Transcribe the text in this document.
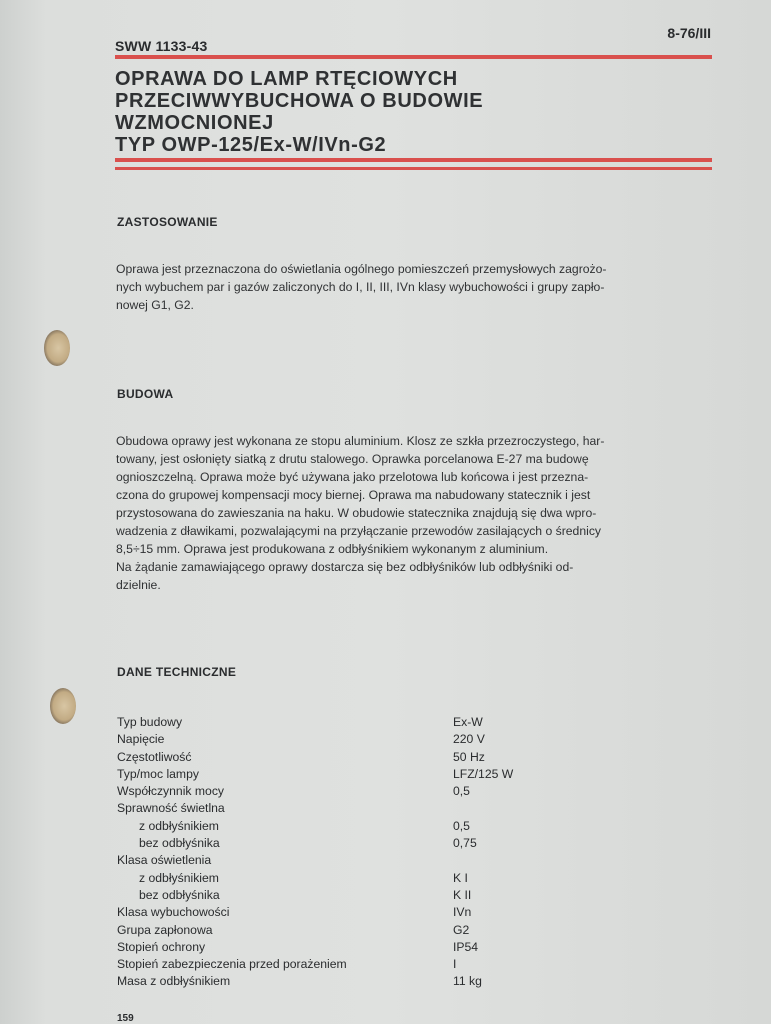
SWW 1133-43
8-76/III
OPRAWA DO LAMP RTĘCIOWYCH
PRZECIWWYBUCHOWA O BUDOWIE
WZMOCNIONEJ
TYP OWP-125/Ex-W/IVn-G2
ZASTOSOWANIE
Oprawa jest przeznaczona do oświetlania ogólnego pomieszczeń przemysłowych zagrożo-
nych wybuchem par i gazów zaliczonych do I, II, III, IVn klasy wybuchowości i grupy zapło-
nowej G1, G2.
BUDOWA
Obudowa oprawy jest wykonana ze stopu aluminium. Klosz ze szkła przezroczystego, har-
towany, jest osłonięty siatką z drutu stalowego. Oprawka porcelanowa E-27 ma budowę
ognioszczelną. Oprawa może być używana jako przelotowa lub końcowa i jest przezna-
czona do grupowej kompensacji mocy biernej. Oprawa ma nabudowany statecznik i jest
przystosowana do zawieszania na haku. W obudowie statecznika znajdują się dwa wpro-
wadzenia z dławikami, pozwalającymi na przyłączanie przewodów zasilających o średnicy
8,5÷15 mm. Oprawa jest produkowana z odbłyśnikiem wykonanym z aluminium.
Na żądanie zamawiającego oprawy dostarcza się bez odbłyśników lub odbłyśniki od-
dzielnie.
DANE TECHNICZNE
Typ budowy	Ex-W
Napięcie	220 V
Częstotliwość	50 Hz
Typ/moc lampy	LFZ/125 W
Współczynnik mocy	0,5
Sprawność świetlna
z odbłyśnikiem	0,5
bez odbłyśnika	0,75
Klasa oświetlenia
z odbłyśnikiem	K I
bez odbłyśnika	K II
Klasa wybuchowości	IVn
Grupa zapłonowa	G2
Stopień ochrony	IP54
Stopień zabezpieczenia przed porażeniem	I
Masa z odbłyśnikiem	11 kg
159
